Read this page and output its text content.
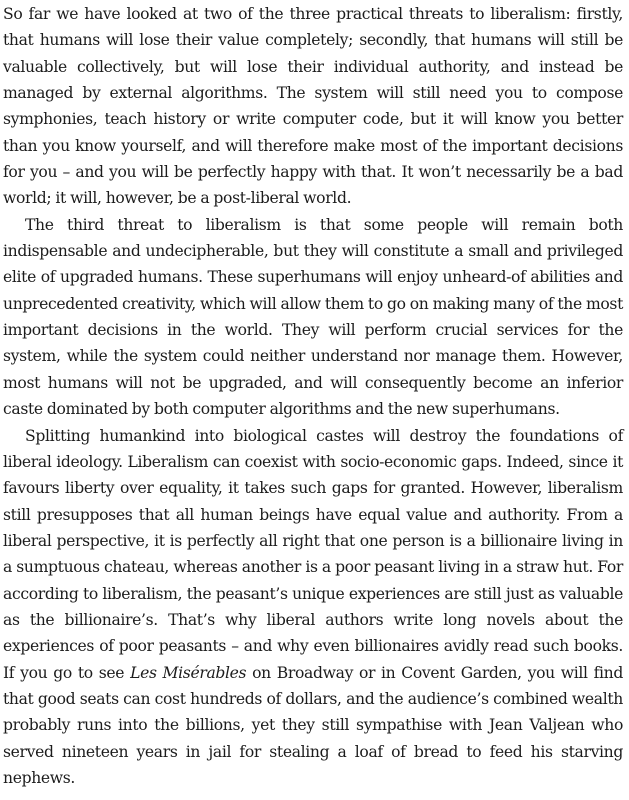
So far we have looked at two of the three practical threats to liberalism: firstly, that humans will lose their value completely; secondly, that humans will still be valuable collectively, but will lose their individual authority, and instead be managed by external algorithms. The system will still need you to compose symphonies, teach history or write computer code, but it will know you better than you know yourself, and will therefore make most of the important decisions for you – and you will be perfectly happy with that. It won’t necessarily be a bad world; it will, however, be a post-liberal world.

The third threat to liberalism is that some people will remain both indispensable and undecipherable, but they will constitute a small and privileged elite of upgraded humans. These superhumans will enjoy unheard-of abilities and unprecedented creativity, which will allow them to go on making many of the most important decisions in the world. They will perform crucial services for the system, while the system could neither understand nor manage them. However, most humans will not be upgraded, and will consequently become an inferior caste dominated by both computer algorithms and the new superhumans.

Splitting humankind into biological castes will destroy the foundations of liberal ideology. Liberalism can coexist with socio-economic gaps. Indeed, since it favours liberty over equality, it takes such gaps for granted. However, liberalism still presupposes that all human beings have equal value and authority. From a liberal perspective, it is perfectly all right that one person is a billionaire living in a sumptuous chateau, whereas another is a poor peasant living in a straw hut. For according to liberalism, the peasant’s unique experiences are still just as valuable as the billionaire’s. That’s why liberal authors write long novels about the experiences of poor peasants – and why even billionaires avidly read such books. If you go to see Les Misérables on Broadway or in Covent Garden, you will find that good seats can cost hundreds of dollars, and the audience’s combined wealth probably runs into the billions, yet they still sympathise with Jean Valjean who served nineteen years in jail for stealing a loaf of bread to feed his starving nephews.
